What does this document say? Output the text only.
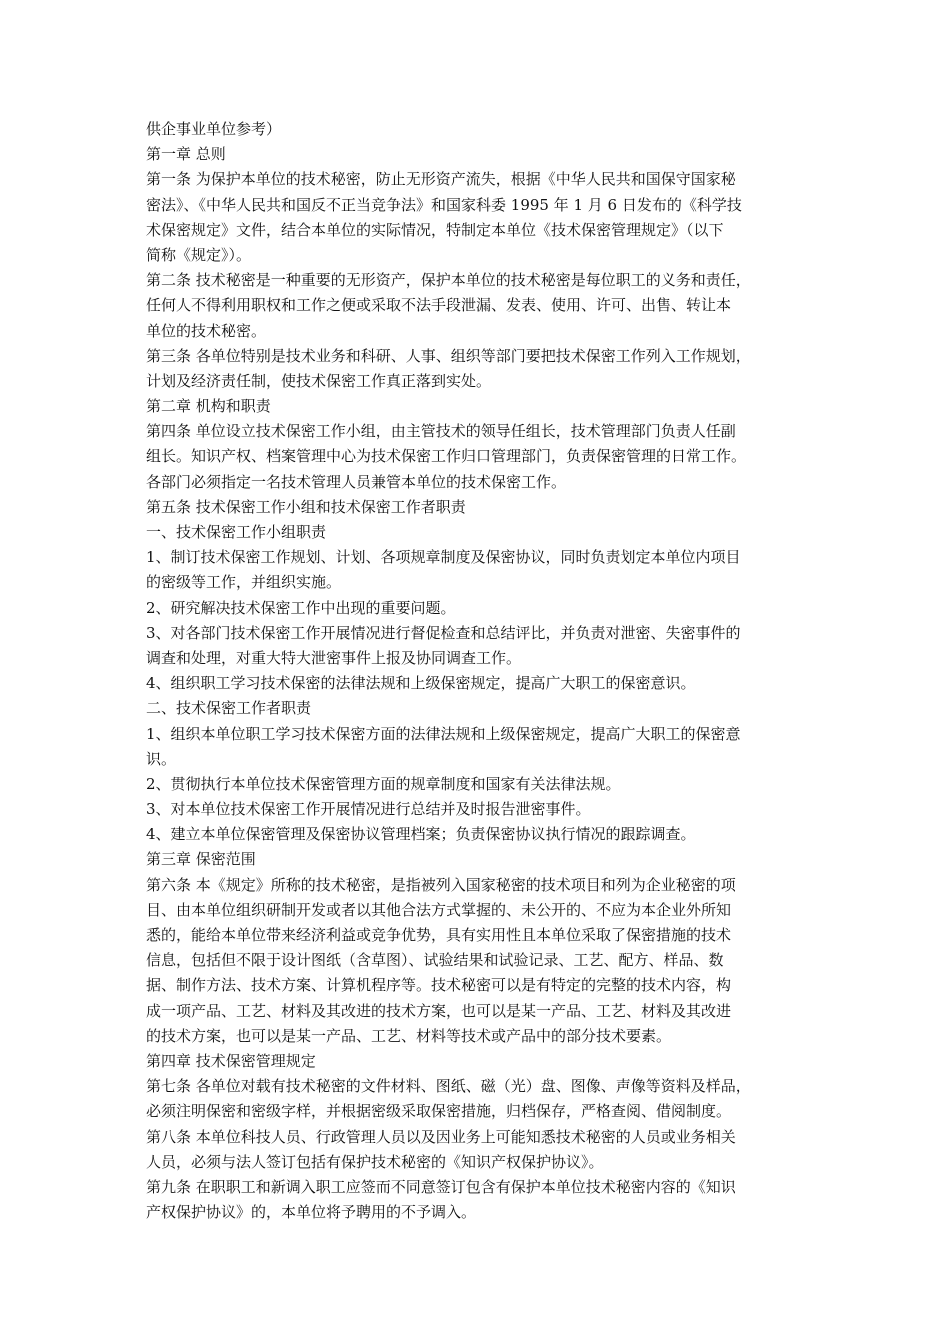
供企事业单位参考）

第一章 总则

第一条 为保护本单位的技术秘密，防止无形资产流失，根据《中华人民共和国保守国家秘

密法》、《中华人民共和国反不正当竞争法》和国家科委 1995 年 1 月 6 日发布的《科学技

术保密规定》文件，结合本单位的实际情况，特制定本单位《技术保密管理规定》（以下

简称《规定》）。

第二条 技术秘密是一种重要的无形资产，保护本单位的技术秘密是每位职工的义务和责任，

任何人不得利用职权和工作之便或采取不法手段泄漏、发表、使用、许可、出售、转让本

单位的技术秘密。

第三条 各单位特别是技术业务和科研、人事、组织等部门要把技术保密工作列入工作规划，

计划及经济责任制，使技术保密工作真正落到实处。

第二章 机构和职责

第四条 单位设立技术保密工作小组，由主管技术的领导任组长，技术管理部门负责人任副

组长。知识产权、档案管理中心为技术保密工作归口管理部门，负责保密管理的日常工作。

各部门必须指定一名技术管理人员兼管本单位的技术保密工作。

第五条 技术保密工作小组和技术保密工作者职责

一、技术保密工作小组职责

1、制订技术保密工作规划、计划、各项规章制度及保密协议，同时负责划定本单位内项目

的密级等工作，并组织实施。

2、研究解决技术保密工作中出现的重要问题。

3、对各部门技术保密工作开展情况进行督促检查和总结评比，并负责对泄密、失密事件的

调查和处理，对重大特大泄密事件上报及协同调查工作。

4、组织职工学习技术保密的法律法规和上级保密规定，提高广大职工的保密意识。

二、技术保密工作者职责

1、组织本单位职工学习技术保密方面的法律法规和上级保密规定，提高广大职工的保密意

识。

2、贯彻执行本单位技术保密管理方面的规章制度和国家有关法律法规。

3、对本单位技术保密工作开展情况进行总结并及时报告泄密事件。

4、建立本单位保密管理及保密协议管理档案；负责保密协议执行情况的跟踪调查。

第三章 保密范围

第六条 本《规定》所称的技术秘密，是指被列入国家秘密的技术项目和列为企业秘密的项

目、由本单位组织研制开发或者以其他合法方式掌握的、未公开的、不应为本企业外所知

悉的，能给本单位带来经济利益或竞争优势，具有实用性且本单位采取了保密措施的技术

信息，包括但不限于设计图纸（含草图）、试验结果和试验记录、工艺、配方、样品、数

据、制作方法、技术方案、计算机程序等。技术秘密可以是有特定的完整的技术内容，构

成一项产品、工艺、材料及其改进的技术方案，也可以是某一产品、工艺、材料及其改进

的技术方案，也可以是某一产品、工艺、材料等技术或产品中的部分技术要素。

第四章 技术保密管理规定

第七条 各单位对载有技术秘密的文件材料、图纸、磁（光）盘、图像、声像等资料及样品，

必须注明保密和密级字样，并根据密级采取保密措施，归档保存，严格查阅、借阅制度。

第八条 本单位科技人员、行政管理人员以及因业务上可能知悉技术秘密的人员或业务相关

人员，必须与法人签订包括有保护技术秘密的《知识产权保护协议》。

第九条 在职职工和新调入职工应签而不同意签订包含有保护本单位技术秘密内容的《知识

产权保护协议》的，本单位将予聘用的不予调入。
